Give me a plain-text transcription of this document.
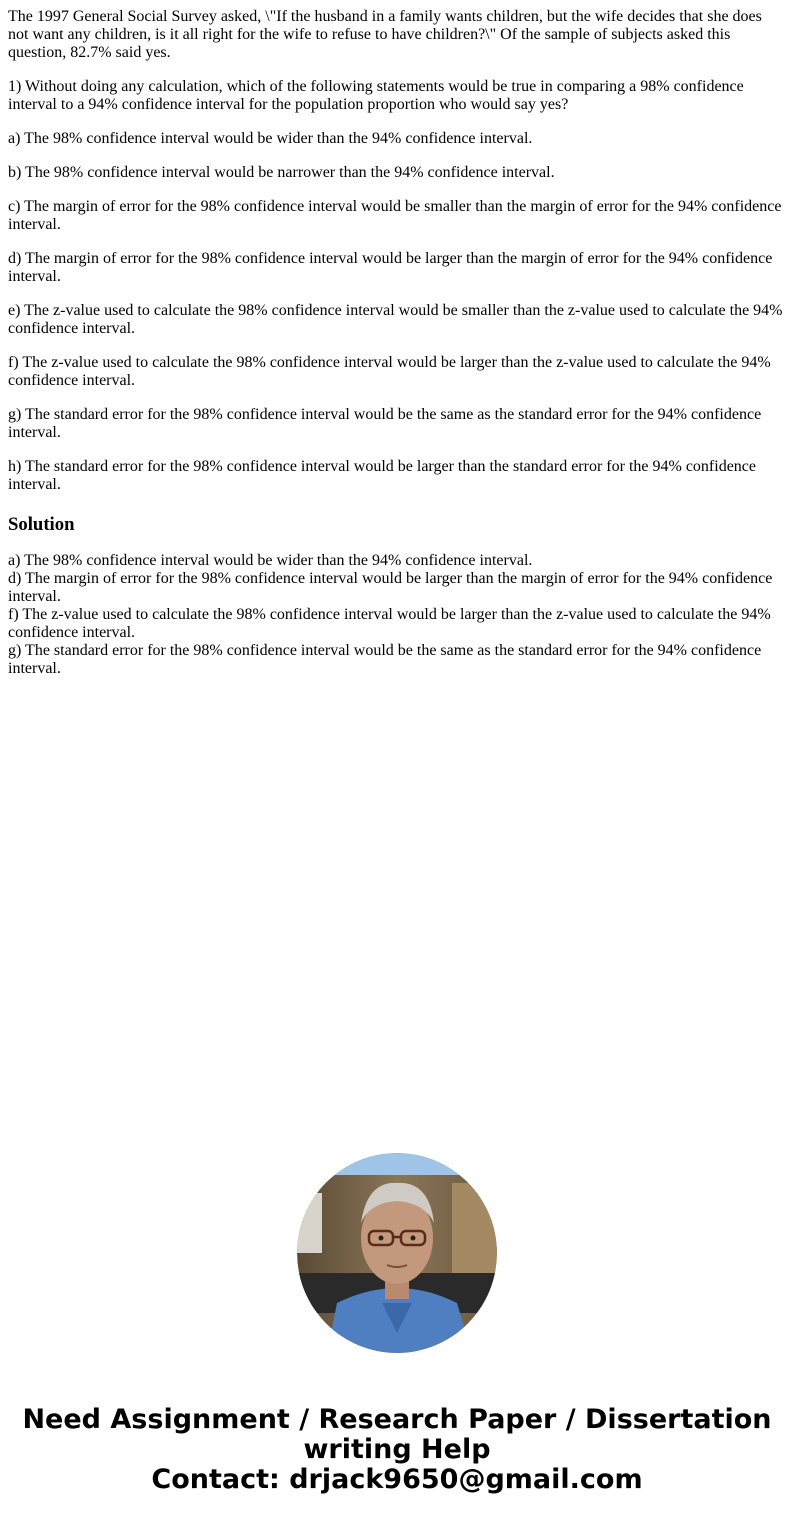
The 1997 General Social Survey asked, \"If the husband in a family wants children, but the wife decides that she does not want any children, is it all right for the wife to refuse to have children?\" Of the sample of subjects asked this question, 82.7% said yes.

1) Without doing any calculation, which of the following statements would be true in comparing a 98% confidence interval to a 94% confidence interval for the population proportion who would say yes?

a) The 98% confidence interval would be wider than the 94% confidence interval.

b) The 98% confidence interval would be narrower than the 94% confidence interval.

c) The margin of error for the 98% confidence interval would be smaller than the margin of error for the 94% confidence interval.

d) The margin of error for the 98% confidence interval would be larger than the margin of error for the 94% confidence interval.

e) The z-value used to calculate the 98% confidence interval would be smaller than the z-value used to calculate the 94% confidence interval.

f) The z-value used to calculate the 98% confidence interval would be larger than the z-value used to calculate the 94% confidence interval.

g) The standard error for the 98% confidence interval would be the same as the standard error for the 94% confidence interval.

h) The standard error for the 98% confidence interval would be larger than the standard error for the 94% confidence interval.

Solution
a) The 98% confidence interval would be wider than the 94% confidence interval.
d) The margin of error for the 98% confidence interval would be larger than the margin of error for the 94% confidence interval.
f) The z-value used to calculate the 98% confidence interval would be larger than the z-value used to calculate the 94% confidence interval.
g) The standard error for the 98% confidence interval would be the same as the standard error for the 94% confidence interval.
Need Assignment / Research Paper / Dissertation
writing Help
Contact: drjack9650@gmail.com
